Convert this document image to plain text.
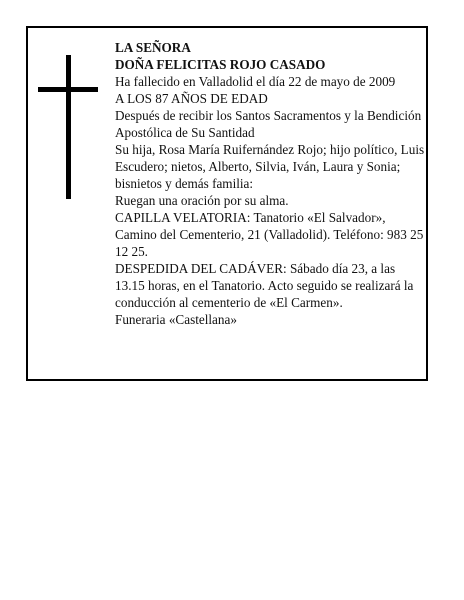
LA SEÑORA

DOÑA FELICITAS ROJO CASADO

Ha fallecido en Valladolid el día 22 de mayo de 2009

A LOS 87 AÑOS DE EDAD

Después de recibir los Santos Sacramentos y la Bendición Apostólica de Su Santidad

Su hija, Rosa María Ruifernández Rojo; hijo político, Luis Escudero; nietos, Alberto, Silvia, Iván, Laura y Sonia; bisnietos y demás familia:

Ruegan una oración por su alma.

CAPILLA VELATORIA: Tanatorio «El Salvador», Camino del Cementerio, 21 (Valladolid). Teléfono: 983 25 12 25.

DESPEDIDA DEL CADÁVER: Sábado día 23, a las 13.15 horas, en el Tanatorio. Acto seguido se realizará la conducción al cementerio de «El Carmen».

Funeraria «Castellana»
